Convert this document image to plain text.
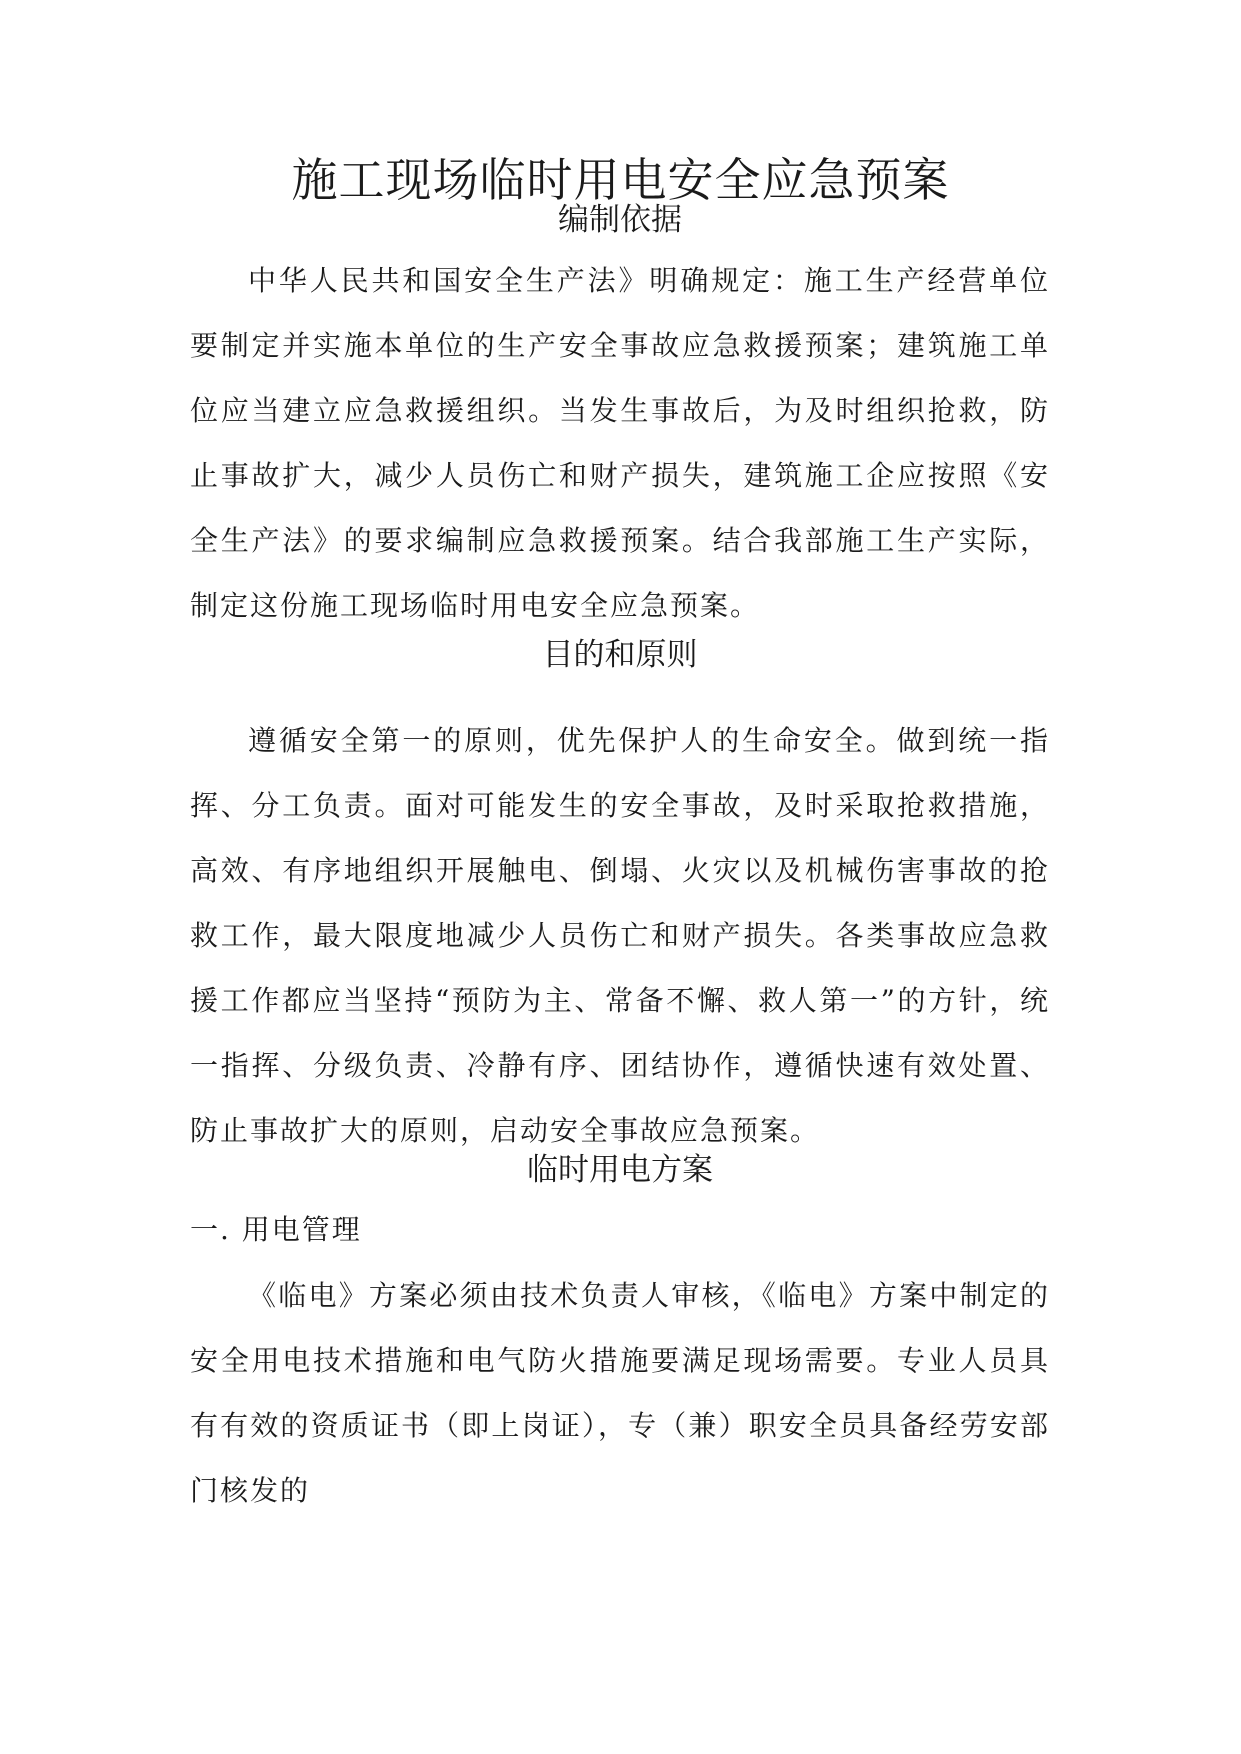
施工现场临时用电安全应急预案
编制依据

中华人民共和国安全生产法》明确规定：施工生产经营单位要制定并实施本单位的生产安全事故应急救援预案；建筑施工单位应当建立应急救援组织。当发生事故后，为及时组织抢救，防止事故扩大，减少人员伤亡和财产损失，建筑施工企应按照《安全生产法》的要求编制应急救援预案。结合我部施工生产实际，制定这份施工现场临时用电安全应急预案。

目的和原则

遵循安全第一的原则，优先保护人的生命安全。做到统一指挥、分工负责。面对可能发生的安全事故，及时采取抢救措施，高效、有序地组织开展触电、倒塌、火灾以及机械伤害事故的抢救工作，最大限度地减少人员伤亡和财产损失。各类事故应急救援工作都应当坚持“预防为主、常备不懈、救人第一”的方针，统一指挥、分级负责、冷静有序、团结协作，遵循快速有效处置、防止事故扩大的原则，启动安全事故应急预案。

临时用电方案
一. 用电管理

《临电》方案必须由技术负责人审核，《临电》方案中制定的安全用电技术措施和电气防火措施要满足现场需要。专业人员具有有效的资质证书（即上岗证），专（兼）职安全员具备经劳安部门核发的
